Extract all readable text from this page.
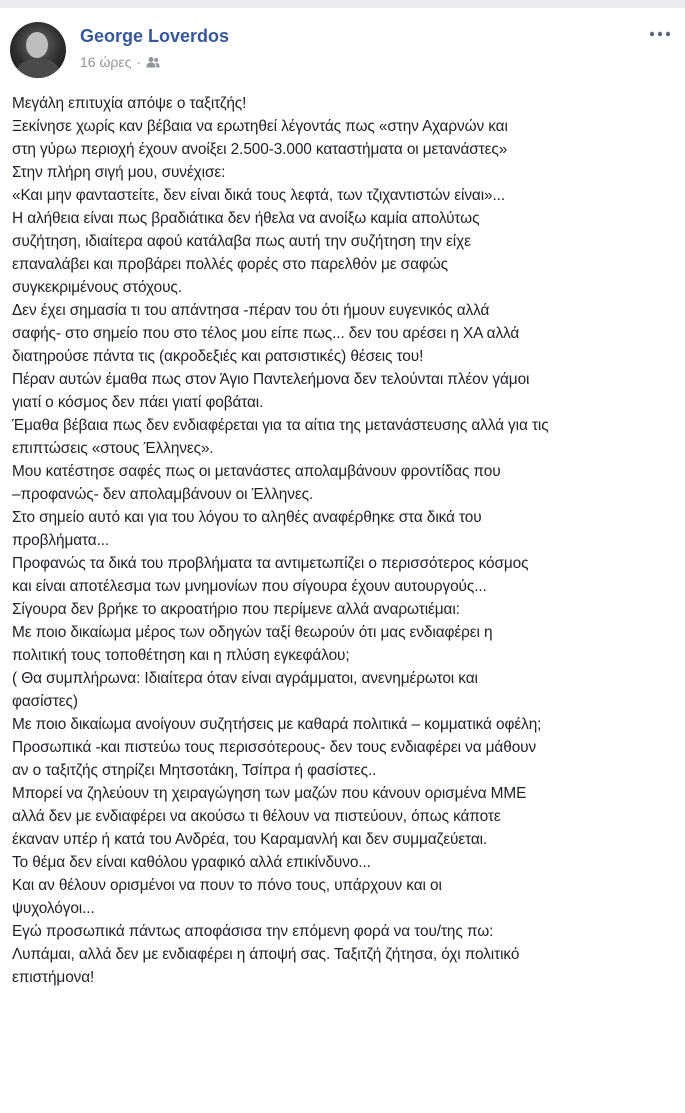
George Loverdos
16 ώρες ·
Μεγάλη επιτυχία απόψε ο ταξιτζής!
Ξεκίνησε χωρίς καν βέβαια να ερωτηθεί λέγοντάς πως «στην Αχαρνών και
στη γύρω περιοχή έχουν ανοίξει 2.500-3.000 καταστήματα οι μετανάστες»
Στην πλήρη σιγή μου, συνέχισε:
«Και μην φανταστείτε, δεν είναι δικά τους λεφτά, των τζιχαντιστών είναι»...
Η αλήθεια είναι πως βραδιάτικα δεν ήθελα να ανοίξω καμία απολύτως
συζήτηση, ιδιαίτερα αφού κατάλαβα πως αυτή την συζήτηση την είχε
επαναλάβει και προβάρει πολλές φορές στο παρελθόν με σαφώς
συγκεκριμένους στόχους.
Δεν έχει σημασία τι του απάντησα -πέραν του ότι ήμουν ευγενικός αλλά
σαφής- στο σημείο που στο τέλος μου είπε πως... δεν του αρέσει η ΧΑ αλλά
διατηρούσε πάντα τις (ακροδεξιές και ρατσιστικές) θέσεις του!
Πέραν αυτών έμαθα πως στον Άγιο Παντελεήμονα δεν τελούνται πλέον γάμοι
γιατί ο κόσμος δεν πάει γιατί φοβάται.
Έμαθα βέβαια πως δεν ενδιαφέρεται για τα αίτια της μετανάστευσης αλλά για τις
επιπτώσεις «στους Έλληνες».
Μου κατέστησε σαφές πως οι μετανάστες απολαμβάνουν φροντίδας που
–προφανώς- δεν απολαμβάνουν οι Έλληνες.
Στο σημείο αυτό και για του λόγου το αληθές αναφέρθηκε στα δικά του
προβλήματα...
Προφανώς τα δικά του προβλήματα τα αντιμετωπίζει ο περισσότερος κόσμος
και είναι αποτέλεσμα των μνημονίων που σίγουρα έχουν αυτουργούς...
Σίγουρα δεν βρήκε το ακροατήριο που περίμενε αλλά αναρωτιέμαι:
Με ποιο δικαίωμα μέρος των οδηγών ταξί θεωρούν ότι μας ενδιαφέρει η
πολιτική τους τοποθέτηση και η πλύση εγκεφάλου;
( Θα συμπλήρωνα: Ιδιαίτερα όταν είναι αγράμματοι, ανενημέρωτοι και
φασίστες)
Με ποιο δικαίωμα ανοίγουν συζητήσεις με καθαρά πολιτικά – κομματικά οφέλη;
Προσωπικά -και πιστεύω τους περισσότερους- δεν τους ενδιαφέρει να μάθουν
αν ο ταξιτζής στηρίζει Μητσοτάκη, Τσίπρα ή φασίστες..
Μπορεί να ζηλεύουν τη χειραγώγηση των μαζών που κάνουν ορισμένα ΜΜΕ
αλλά δεν με ενδιαφέρει να ακούσω τι θέλουν να πιστεύουν, όπως κάποτε
έκαναν υπέρ ή κατά του Ανδρέα, του Καραμανλή και δεν συμμαζεύεται.
Το θέμα δεν είναι καθόλου γραφικό αλλά επικίνδυνο...
Και αν θέλουν ορισμένοι να πουν το πόνο τους, υπάρχουν και οι
ψυχολόγοι...
Εγώ προσωπικά πάντως αποφάσισα την επόμενη φορά να του/της πω:
Λυπάμαι, αλλά δεν με ενδιαφέρει η άποψή σας. Ταξιτζή ζήτησα, όχι πολιτικό
επιστήμονα!
